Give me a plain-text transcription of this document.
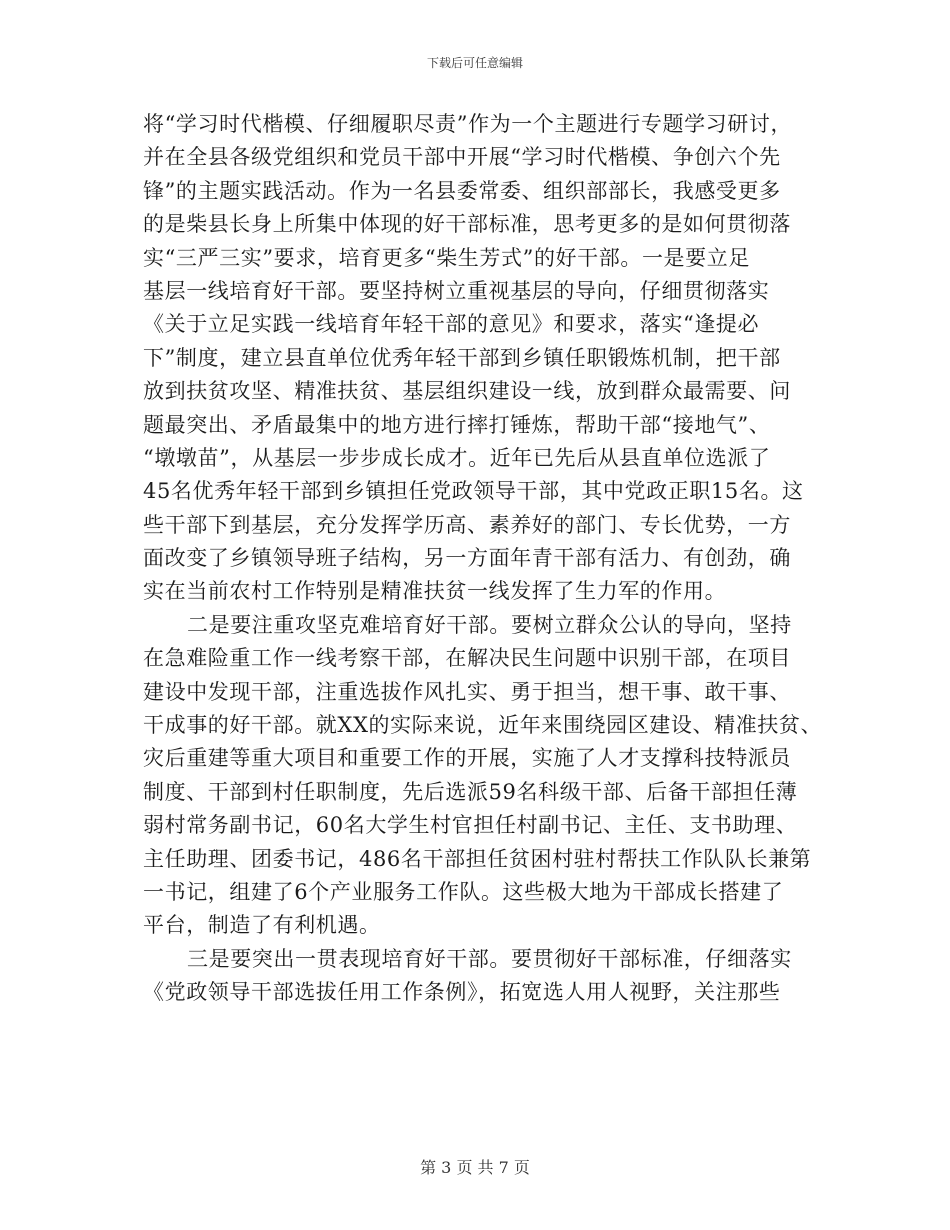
下载后可任意编辑
将“学习时代楷模、仔细履职尽责”作为一个主题进行专题学习研讨，
并在全县各级党组织和党员干部中开展“学习时代楷模、争创六个先
锋”的主题实践活动。作为一名县委常委、组织部部长，我感受更多
的是柴县长身上所集中体现的好干部标准，思考更多的是如何贯彻落
实“三严三实”要求，培育更多“柴生芳式”的好干部。一是要立足
基层一线培育好干部。要坚持树立重视基层的导向，仔细贯彻落实
《关于立足实践一线培育年轻干部的意见》和要求，落实“逢提必
下”制度，建立县直单位优秀年轻干部到乡镇任职锻炼机制，把干部
放到扶贫攻坚、精准扶贫、基层组织建设一线，放到群众最需要、问
题最突出、矛盾最集中的地方进行摔打锤炼，帮助干部“接地气”、
“墩墩苗”，从基层一步步成长成才。近年已先后从县直单位选派了
45名优秀年轻干部到乡镇担任党政领导干部，其中党政正职15名。这
些干部下到基层，充分发挥学历高、素养好的部门、专长优势，一方
面改变了乡镇领导班子结构，另一方面年青干部有活力、有创劲，确
实在当前农村工作特别是精准扶贫一线发挥了生力军的作用。
二是要注重攻坚克难培育好干部。要树立群众公认的导向，坚持
在急难险重工作一线考察干部，在解决民生问题中识别干部，在项目
建设中发现干部，注重选拔作风扎实、勇于担当，想干事、敢干事、
干成事的好干部。就XX的实际来说，近年来围绕园区建设、精准扶贫、
灾后重建等重大项目和重要工作的开展，实施了人才支撑科技特派员
制度、干部到村任职制度，先后选派59名科级干部、后备干部担任薄
弱村常务副书记，60名大学生村官担任村副书记、主任、支书助理、
主任助理、团委书记，486名干部担任贫困村驻村帮扶工作队队长兼第
一书记，组建了6个产业服务工作队。这些极大地为干部成长搭建了
平台，制造了有利机遇。
三是要突出一贯表现培育好干部。要贯彻好干部标准，仔细落实
《党政领导干部选拔任用工作条例》，拓宽选人用人视野，关注那些
第 3 页 共 7 页
